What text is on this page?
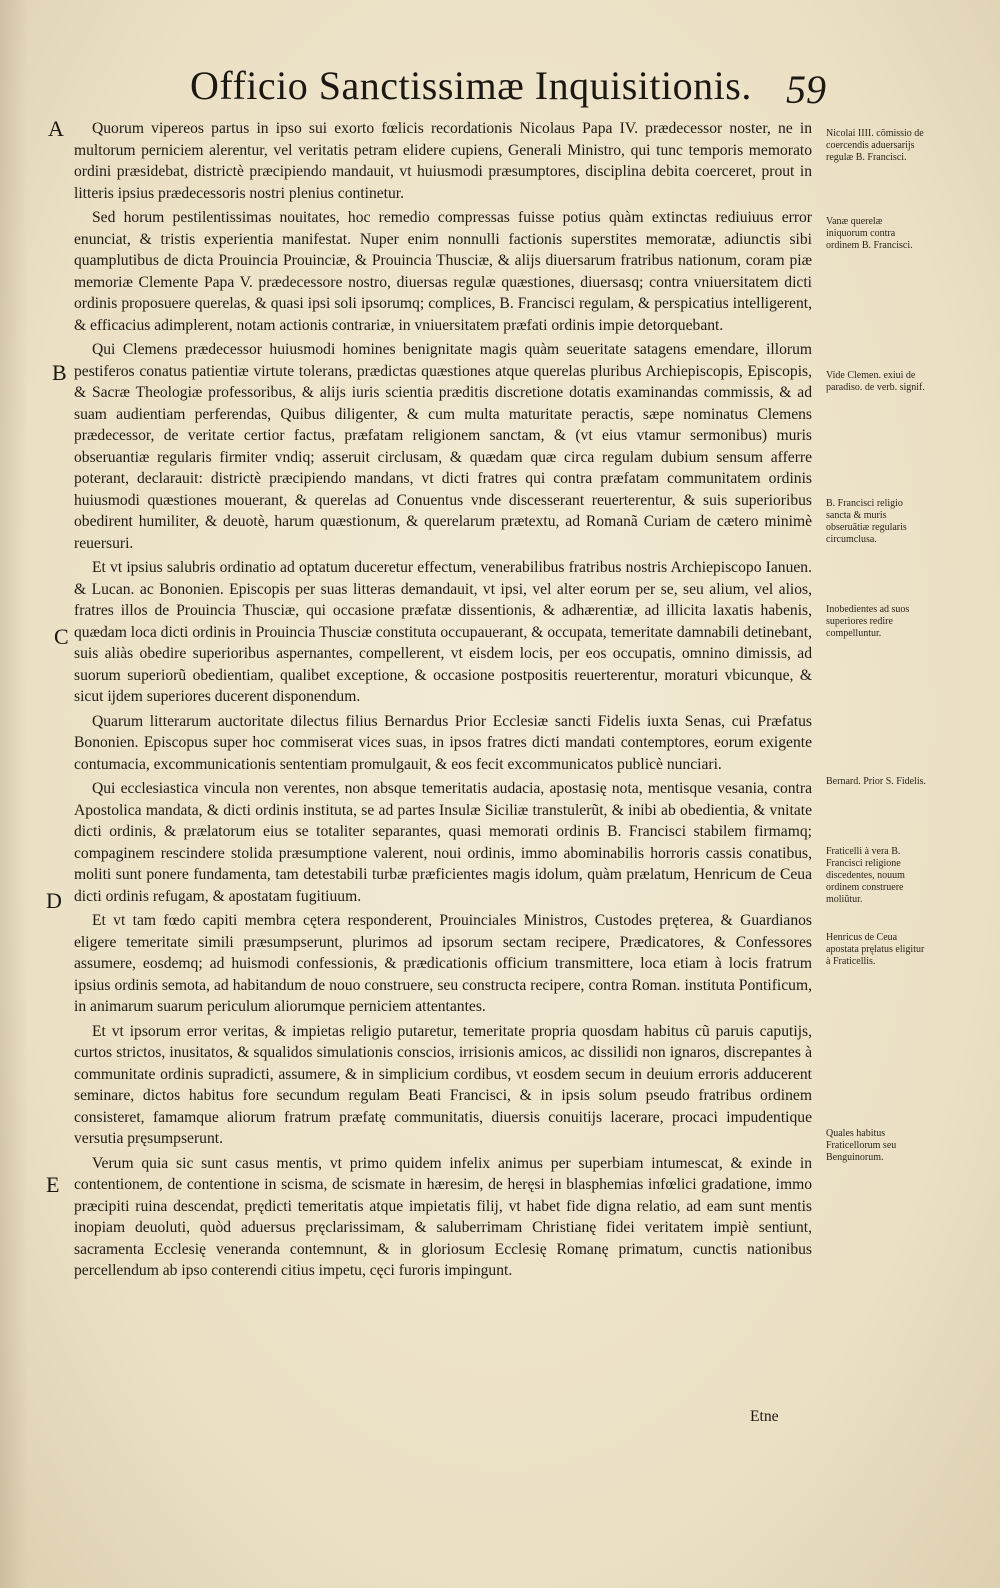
Officio Sanctissimæ Inquisitionis. 59
A
B
C
D
E

Quorum vipereos partus in ipso sui exorto fœlicis recordationis Nicolaus Papa IV. prædecessor noster, ne in multorum perniciem alerentur, vel veritatis petram elidere cupiens, Generali Ministro, qui tunc temporis memorato ordini præsidebat, districtè præcipiendo mandauit, vt huiusmodi præsumptores, disciplina debita coerceret, prout in litteris ipsius prædecessoris nostri plenius continetur.

Sed horum pestilentissimas nouitates, hoc remedio compressas fuisse potius quàm extinctas rediuiuus error enunciat, & tristis experientia manifestat. Nuper enim nonnulli factionis superstites memoratæ, adiunctis sibi quamplutibus de dicta Prouincia Prouinciæ, & Prouincia Thusciæ, & alijs diuersarum fratribus nationum, coram piæ memoriæ Clemente Papa V. prædecessore nostro, diuersas regulæ quæstiones, diuersasq; contra vniuersitatem dicti ordinis proposuere querelas, & quasi ipsi soli ipsorumq; complices, B. Francisci regulam, & perspicatius intelligerent, & efficacius adimplerent, notam actionis contrariæ, in vniuersitatem præfati ordinis impie detorquebant.

Qui Clemens prædecessor huiusmodi homines benignitate magis quàm seueritate satagens emendare, illorum pestiferos conatus patientiæ virtute tolerans, prædictas quæstiones atque querelas pluribus Archiepiscopis, Episcopis, & Sacræ Theologiæ professoribus, & alijs iuris scientia præditis discretione dotatis examinandas commissis, & ad suam audientiam perferendas, Quibus diligenter, & cum multa maturitate peractis, sæpe nominatus Clemens prædecessor, de veritate certior factus, præfatam religionem sanctam, & (vt eius vtamur sermonibus) muris obseruantiæ regularis firmiter vndiq; asseruit circlusam, & quædam quæ circa regulam dubium sensum afferre poterant, declarauit: districtè præcipiendo mandans, vt dicti fratres qui contra præfatam communitatem ordinis huiusmodi quæstiones mouerant, & querelas ad Conuentus vnde discesserant reuerterentur, & suis superioribus obedirent humiliter, & deuotè, harum quæstionum, & querelarum prætextu, ad Romanã Curiam de cætero minimè reuersuri.

Et vt ipsius salubris ordinatio ad optatum duceretur effectum, venerabilibus fratribus nostris Archiepiscopo Ianuen. & Lucan. ac Bononien. Episcopis per suas litteras demandauit, vt ipsi, vel alter eorum per se, seu alium, vel alios, fratres illos de Prouincia Thusciæ, qui occasione præfatæ dissentionis, & adhærentiæ, ad illicita laxatis habenis, quædam loca dicti ordinis in Prouincia Thusciæ constituta occupauerant, & occupata, temeritate damnabili detinebant, suis aliàs obedire superioribus aspernantes, compellerent, vt eisdem locis, per eos occupatis, omnino dimissis, ad suorum superiorũ obedientiam, qualibet exceptione, & occasione postpositis reuerterentur, moraturi vbicunque, & sicut ijdem superiores ducerent disponendum.

Quarum litterarum auctoritate dilectus filius Bernardus Prior Ecclesiæ sancti Fidelis iuxta Senas, cui Præfatus Bononien. Episcopus super hoc commiserat vices suas, in ipsos fratres dicti mandati contemptores, eorum exigente contumacia, excommunicationis sententiam promulgauit, & eos fecit excommunicatos publicè nunciari.

Qui ecclesiastica vincula non verentes, non absque temeritatis audacia, apostasię nota, mentisque vesania, contra Apostolica mandata, & dicti ordinis instituta, se ad partes Insulæ Siciliæ transtulerũt, & inibi ab obedientia, & vnitate dicti ordinis, & prælatorum eius se totaliter separantes, quasi memorati ordinis B. Francisci stabilem firmamq; compaginem rescindere stolida præsumptione valerent, noui ordinis, immo abominabilis horroris cassis conatibus, moliti sunt ponere fundamenta, tam detestabili turbæ præficientes magis idolum, quàm prælatum, Henricum de Ceua dicti ordinis refugam, & apostatam fugitiuum.

Et vt tam fœdo capiti membra cętera responderent, Prouinciales Ministros, Custodes pręterea, & Guardianos eligere temeritate simili præsumpserunt, plurimos ad ipsorum sectam recipere, Prædicatores, & Confessores assumere, eosdemq; ad huismodi confessionis, & prædicationis officium transmittere, loca etiam à locis fratrum ipsius ordinis semota, ad habitandum de nouo construere, seu constructa recipere, contra Roman. instituta Pontificum, in animarum suarum periculum aliorumque perniciem attentantes.

Et vt ipsorum error veritas, & impietas religio putaretur, temeritate propria quosdam habitus cũ paruis caputijs, curtos strictos, inusitatos, & squalidos simulationis conscios, irrisionis amicos, ac dissilidi non ignaros, discrepantes à communitate ordinis supradicti, assumere, & in simplicium cordibus, vt eosdem secum in deuium erroris adducerent seminare, dictos habitus fore secundum regulam Beati Francisci, & in ipsis solum pseudo fratribus ordinem consisteret, famamque aliorum fratrum præfatę communitatis, diuersis conuitijs lacerare, procaci impudentique versutia pręsumpserunt.

Verum quia sic sunt casus mentis, vt primo quidem infelix animus per superbiam intumescat, & exinde in contentionem, de contentione in scisma, de scismate in hæresim, de heręsi in blasphemias infœlici gradatione, immo præcipiti ruina descendat, prędicti temeritatis atque impietatis filij, vt habet fide digna relatio, ad eam sunt mentis inopiam deuoluti, quòd aduersus pręclarissimam, & saluberrimam Christianę fidei veritatem impiè sentiunt, sacramenta Ecclesię veneranda contemnunt, & in gloriosum Ecclesię Romanę primatum, cunctis nationibus percellendum ab ipso conterendi citius impetu, cęci furoris impingunt.

Nicolai IIII. cõmissio de coercendis aduersarijs regulæ B. Francisci.
Vanæ querelæ iniquorum contra ordinem B. Francisci.
Vide Clemen. exiui de paradiso. de verb. signif.
B. Francisci religio sancta & muris obseruãtiæ regularis circumclusa.
Inobedientes ad suos superiores redire compelluntur.
Bernard. Prior S. Fidelis.
Fraticelli à vera B. Francisci religione discedentes, nouum ordinem construere moliũtur.
Henricus de Ceua apostata pręlatus eligitur à Fraticellis.
Quales habitus Fraticellorum seu Benguinorum.
Etne
